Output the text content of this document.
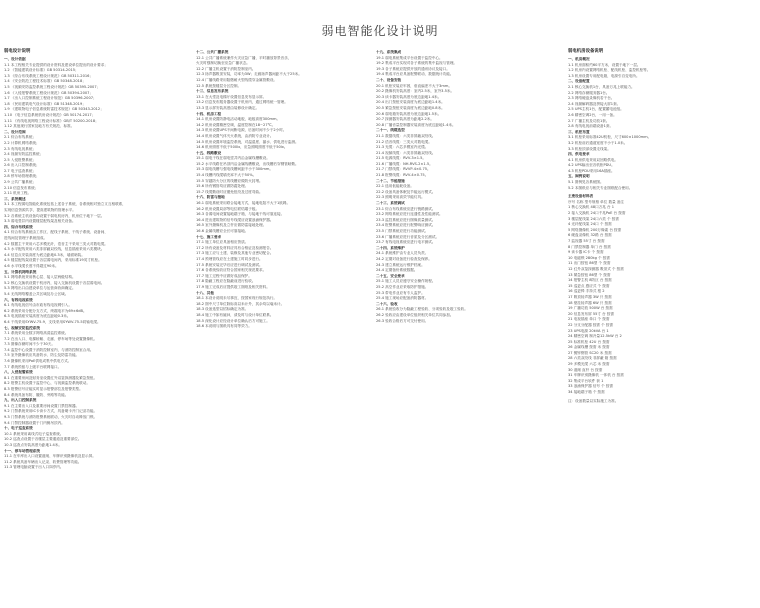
弱电智能化设计说明
弱电设计说明
一、设计依据
1.1 本工程相关专业提供的设计资料及建设单位提出的设计要求；
1.2 《智能建筑设计标准》GB 50314-2015；
1.3 《综合布线系统工程设计规范》GB 50311-2016；
1.4 《安全防范工程技术标准》GB 50348-2018；
1.5 《视频安防监控系统工程设计规范》GB 50395-2007；
1.6 《入侵报警系统工程设计规范》GB 50394-2007；
1.7 《出入口控制系统工程设计规范》GB 50396-2007；
1.8 《民用建筑电气设计标准》GB 51348-2019；
1.9 《建筑物电子信息系统防雷技术规范》GB 50343-2012；
1.10 《电子信息系统机房设计规范》GB 50174-2017；
1.11 《有线电视网络工程设计标准》GB/T 50200-2018；
1.12 其他现行国家及地方有关规范、标准。
二、设计范围
2.1 综合布线系统；
2.2 计算机网络系统；
2.3 有线电视系统；
2.4 视频安防监控系统；
2.5 入侵报警系统；
2.6 出入口控制系统；
2.7 电子巡查系统；
2.8 停车场管理系统；
2.9 公共广播系统；
2.10 信息发布系统；
2.11 机房工程。
三、系统概述
3.1 本工程弱电智能化系统包括上述各子系统，各系统相对独立又互相联系，
实现信息资源共享，提高建筑物的管理水平。
3.2 各系统主机设备均设置于弱电机房内，机房位于地下一层。
3.3 弱电竖井内设置楼层配线架及相关设备。
四、综合布线系统
4.1 综合布线系统由工作区、配线子系统、干线子系统、设备间、
进线间及管理子系统组成。
4.2 数据主干采用六芯多模光纤，语音主干采用三类大对数电缆。
4.3 水平配线采用六类非屏蔽双绞线，信息插座采用六类模块。
4.4 信息点安装高度为底边距地0.3米，墙面暗装。
4.5 楼层配线架设置于各层弱电间内，采用标准19英寸机柜。
4.6 水平线缆长度不得超过90米。
五、计算机网络系统
5.1 网络系统采用核心层、接入层两级结构。
5.2 核心交换机设置于机房内，接入交换机设置于各层弱电间。
5.3 网络出口由建设单位与运营商协商确定。
5.4 无线网络覆盖公共区域及办公区域。
六、有线电视系统
6.1 有线电视信号由市政有线电视网引入。
6.2 系统采用分配分支方式，终端电平为69±6dB。
6.3 电视插座安装高度为底边距地0.3米。
6.4 干线采用SYWV-75-9，支线采用SYWV-75-5同轴电缆。
七、视频安防监控系统
7.1 系统采用全数字网络高清监控系统。
7.2 在出入口、电梯轿厢、走廊、停车场等处设置摄像机。
7.3 图像存储时间不少于30天。
7.4 监控中心设置于消防控制室内，与消防控制室合用。
7.5 室外摄像机应具备防水、防尘及防雷功能。
7.6 摄像机采用PoE供电或集中供电方式。
7.7 系统预留与上级平台联网接口。
八、入侵报警系统
8.1 在重要房间及财务室设置红外双鉴探测器及紧急按钮。
8.2 报警主机设置于监控中心，与视频监控系统联动。
8.3 报警信号应能实时显示报警部位及报警类型。
8.4 系统具备布防、撤防、旁路等功能。
九、出入口控制系统
9.1 在主要出入口及重要房间设置门禁控制器。
9.2 门禁系统采用IC卡读卡方式，具备刷卡开门记录功能。
9.3 门禁系统与消防报警系统联动，火灾时自动释放门锁。
9.4 门禁控制器设置于门内侧吊顶内。
十、电子巡查系统
10.1 系统采用离线式电子巡查系统。
10.2 巡查点设置于各楼层主要通道及重要部位。
10.3 巡查点安装高度为距地1.4米。
十一、停车场管理系统
11.1 在车库出入口设置道闸、车牌识别摄像机及显示屏。
11.2 系统具备车辆出入记录、收费管理等功能。
11.3 管理电脑设置于出入口岗亭内。
十二、公共广播系统
12.1 公共广播系统兼作火灾应急广播，平时播放背景音乐，
火灾时强制切换至应急广播状态。
12.2 广播主机设置于消防控制室内。
12.3 扬声器吸顶安装，功率为3W；走廊扬声器间距不大于25米。
12.4 广播线路采用阻燃耐火型线缆穿金属管敷设。
12.5 系统按楼层分区控制。
十三、信息发布系统
13.1 在大堂及电梯厅设置信息发布显示屏。
13.2 信息发布服务器设置于机房内，通过网络统一管理。
13.3 显示屏安装高度由装修设计确定。
十四、机房工程
14.1 机房设置防静电活动地板，地板高度300mm。
14.2 机房设置精密空调，温度控制在18~27℃。
14.3 机房设置UPS不间断电源，后备时间不少于2小时。
14.4 机房设置气体灭火系统，由消防专业设计。
14.5 机房设置环境监控系统，对温湿度、漏水、供电进行监测。
14.6 机房照度不低于500lx，应急照明照度不低于50lx。
十五、线路敷设
15.1 弱电干线在弱电竖井内沿金属线槽敷设。
15.2 水平线路在吊顶内沿金属线槽敷设，出线槽后穿钢管暗敷。
15.3 弱电线槽与强电线槽间距不小于300mm。
15.4 线槽内线缆填充率不大于50%。
15.5 穿越防火分区的线槽应做防火封堵。
15.6 所有钢管均应做防腐处理。
15.7 线缆敷设时应避免扭绞及过度弯曲。
十六、防雷与接地
16.1 弱电系统采用联合接地方式，接地电阻不大于1欧姆。
16.2 机房设置局部等电位联结端子板。
16.3 各弱电间设置接地端子箱，与接地干线可靠连接。
16.4 进出建筑物的信号线缆应设置浪涌保护器。
16.5 室外摄像机及立杆应做防雷接地处理。
16.6 金属线槽应全长可靠接地。
十七、施工要求
17.1 施工单位应具备相应资质。
17.2 所有设备及材料应具有合格证及检测报告。
17.3 施工应与土建、装修及其他专业密切配合。
17.4 预埋管线应在土建施工时同步进行。
17.5 系统安装完毕后应进行调试及测试。
17.6 各系统验收应符合国家相关规范要求。
17.7 施工过程中应做好成品保护。
17.8 隐蔽工程应在隐蔽前进行验收。
17.9 施工完成后应提供竣工图纸及相关资料。
十八、其他
18.1 本设计说明未尽事宜，按国家现行规范执行。
18.2 图中尺寸单位除标高以米计外，其余均以毫米计。
18.3 设备选型以招标确定为准。
18.4 施工中如有疑问，请及时与设计单位联系。
18.5 深化设计应经设计单位确认后方可施工。
18.6 本说明与图纸具有同等效力。
十九、系统集成
19.1 弱电系统集成平台设置于监控中心。
19.2 集成平台实现对各子系统的集中监视与管理。
19.3 各子系统应提供开放的通讯协议及接口。
19.4 集成平台应具备报警联动、数据统计功能。
二十、设备安装
20.1 机柜安装应牢固，垂直偏差不大于3mm。
20.2 摄像机安装高度：室内2.5米，室外3.5米。
20.3 读卡器安装高度为底边距地1.4米。
20.4 出门按钮安装高度为底边距地1.4米。
20.5 紧急按钮安装高度为底边距地0.8米。
20.6 弱电箱安装高度为底边距地1.5米。
20.7 探测器安装高度为距地2.2米。
20.8 广播音量控制器安装高度为底边距地1.4米。
二十一、线缆选型
21.1 数据线缆：六类非屏蔽双绞线。
21.2 语音线缆：三类大对数电缆。
21.3 光缆：六芯多模室内光缆。
21.4 视频线缆：六类非屏蔽双绞线。
21.5 电源线缆：RVV-3×1.5。
21.6 广播线缆：NH-RVS-2×1.5。
21.7 门禁线缆：RVVP-4×0.75。
21.8 报警线缆：RVV-4×0.75。
二十二、节能措施
22.1 选用低能耗设备。
22.2 设备具备休眠及节能运行模式。
22.3 照明采用高效节能灯具。
二十三、系统调试
23.1 综合布线系统应进行链路测试。
23.2 网络系统应进行连通性及性能测试。
23.3 监控系统应进行图像质量测试。
23.4 报警系统应进行报警响应测试。
23.5 门禁系统应进行功能测试。
23.6 广播系统应进行音质及分区测试。
23.7 有线电视系统应进行电平测试。
二十四、系统维护
24.1 系统维护由专业人员负责。
24.2 定期对设备进行检查及保养。
24.3 建立系统运行维护档案。
24.4 定期备份系统数据。
二十五、安全要求
25.1 施工人员应遵守安全操作规程。
25.2 高空作业应采取防护措施。
25.3 带电作业应有专人监护。
25.4 施工现场应配备消防器材。
二十六、验收
26.1 系统验收分为隐蔽工程验收、分项验收及竣工验收。
26.2 验收应由建设单位组织相关单位共同参加。
26.3 验收合格后方可交付使用。
弱电机房设备说明
一、机房概况
1.1 机房面积约60平方米，设置于地下一层。
1.2 机房内设置网络机柜、配线机柜、监控机柜等。
1.3 机房设置专用配电箱，电源引自变电所。
二、设备配置
2.1 核心交换机1台，具备万兆上联能力。
2.2 网络存储服务器1台。
2.3 网络硬盘录像机若干台。
2.4 视频解码器及拼接大屏1套。
2.5 UPS主机1台，配置蓄电池组。
2.6 精密空调2台，一用一备。
2.7 广播主机及功放1套。
2.8 有线电视前端设备1套。
三、机柜布置
3.1 机柜采用标准42U机柜，尺寸600×1000mm。
3.2 机柜前后通道宽度不小于1.0米。
3.3 机柜顶部设置走线架。
四、供电要求
4.1 机房供电采用双回路供电。
4.2 UPS输出至各机柜PDU。
4.3 机柜PDU采用16A插座。
五、图例说明
5.1 图例见各系统图。
5.2 本图纸应与相关专业图纸配合使用。
主要设备材料表
序号 名称 型号规格 单位 数量 备注
1 核心交换机 48口万兆 台 1
2 接入交换机 24口千兆PoE 台 按需
3 楼层配线架 24口六类 个 按需
4 光纤配线架 24口 个 按需
5 网络摄像机 200万像素 台 按需
6 硬盘录像机 32路 台 按需
7 监视器 55寸 台 按需
8 门禁控制器 单门 台 按需
9 读卡器 IC卡 个 按需
10 电磁锁 280kg 个 按需
11 出门按钮 86型 个 按需
12 红外双鉴探测器 吸顶式 个 按需
13 紧急按钮 86型 个 按需
14 报警主机 8防区 台 按需
15 巡更点 感应式 个 按需
16 巡更棒 手持式 根 2
17 吸顶扬声器 3W 只 按需
18 壁挂扬声器 6W 只 按需
19 广播功放 500W 台 按需
20 信息发布屏 55寸 台 按需
21 电视插座 单口 个 按需
22 分支分配器 按需 个 按需
23 UPS电源 20kVA 台 1
24 精密空调 制冷量12.5kW 台 2
25 标准机柜 42U 台 按需
26 金属线槽 按需 米 按需
27 镀锌钢管 SC20 米 按需
28 六类双绞线 非屏蔽 箱 按需
29 多模光缆 六芯 米 按需
30 道闸 直杆 台 按需
31 车牌识别摄像机 一体机 台 按需
32 集成平台软件 套 1
33 浪涌保护器 信号 个 按需
34 接地端子箱 个 按需
注：设备数量以实际施工为准。
